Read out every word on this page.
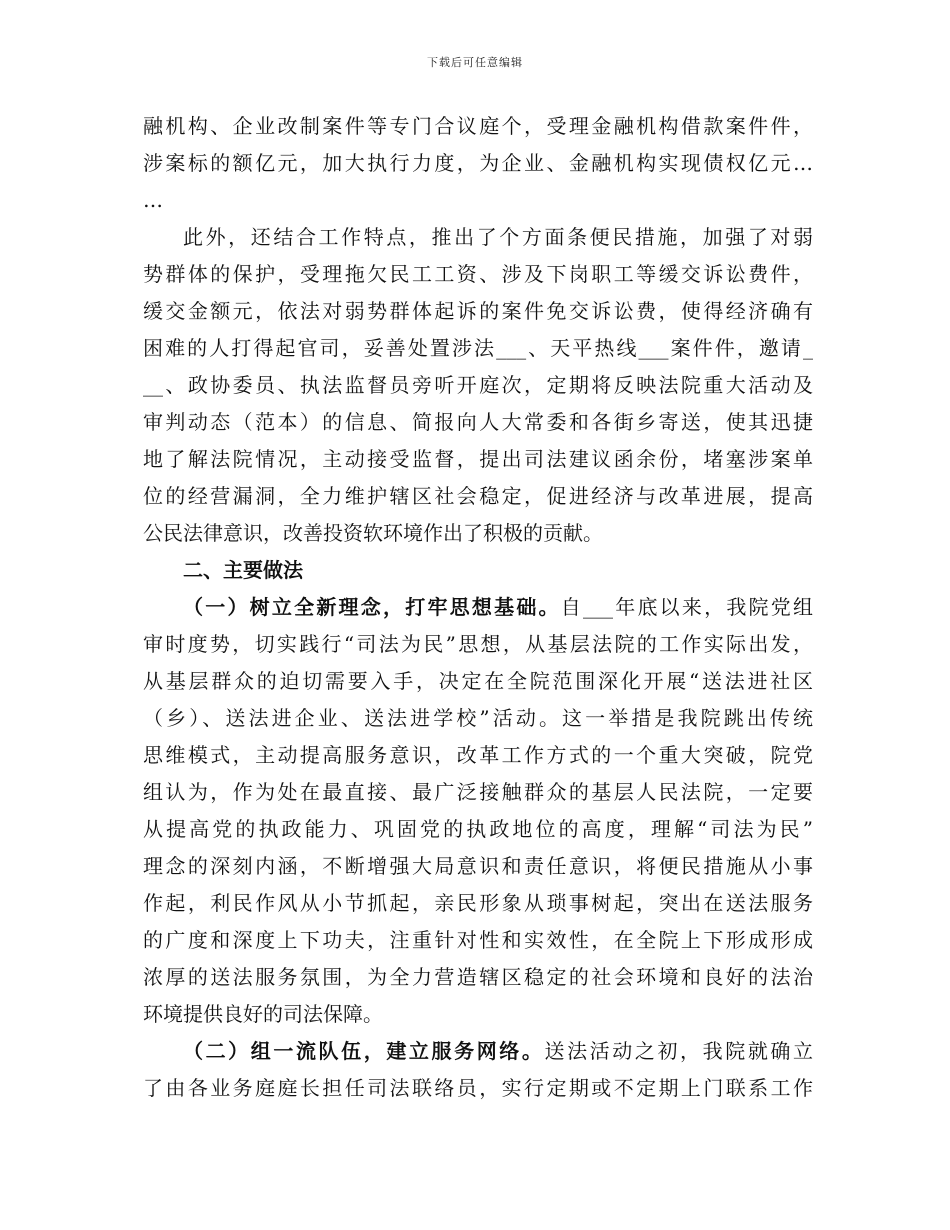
下载后可任意编辑
融机构、企业改制案件等专门合议庭个，受理金融机构借款案件件，
涉案标的额亿元，加大执行力度，为企业、金融机构实现债权亿元…
…
此外，还结合工作特点，推出了个方面条便民措施，加强了对弱
势群体的保护，受理拖欠民工工资、涉及下岗职工等缓交诉讼费件，
缓交金额元，依法对弱势群体起诉的案件免交诉讼费，使得经济确有
困难的人打得起官司，妥善处置涉法___、天平热线___案件件，邀请_
__、政协委员、执法监督员旁听开庭次，定期将反映法院重大活动及
审判动态（范本）的信息、简报向人大常委和各街乡寄送，使其迅捷
地了解法院情况，主动接受监督，提出司法建议函余份，堵塞涉案单
位的经营漏洞，全力维护辖区社会稳定，促进经济与改革进展，提高
公民法律意识，改善投资软环境作出了积极的贡献。
二、主要做法
（一）树立全新理念，打牢思想基础。自___年底以来，我院党组
审时度势，切实践行“司法为民”思想，从基层法院的工作实际出发，
从基层群众的迫切需要入手，决定在全院范围深化开展“送法进社区
（乡）、送法进企业、送法进学校”活动。这一举措是我院跳出传统
思维模式，主动提高服务意识，改革工作方式的一个重大突破，院党
组认为，作为处在最直接、最广泛接触群众的基层人民法院，一定要
从提高党的执政能力、巩固党的执政地位的高度，理解“司法为民”
理念的深刻内涵，不断增强大局意识和责任意识，将便民措施从小事
作起，利民作风从小节抓起，亲民形象从琐事树起，突出在送法服务
的广度和深度上下功夫，注重针对性和实效性，在全院上下形成形成
浓厚的送法服务氛围，为全力营造辖区稳定的社会环境和良好的法治
环境提供良好的司法保障。
（二）组一流队伍，建立服务网络。送法活动之初，我院就确立
了由各业务庭庭长担任司法联络员，实行定期或不定期上门联系工作
